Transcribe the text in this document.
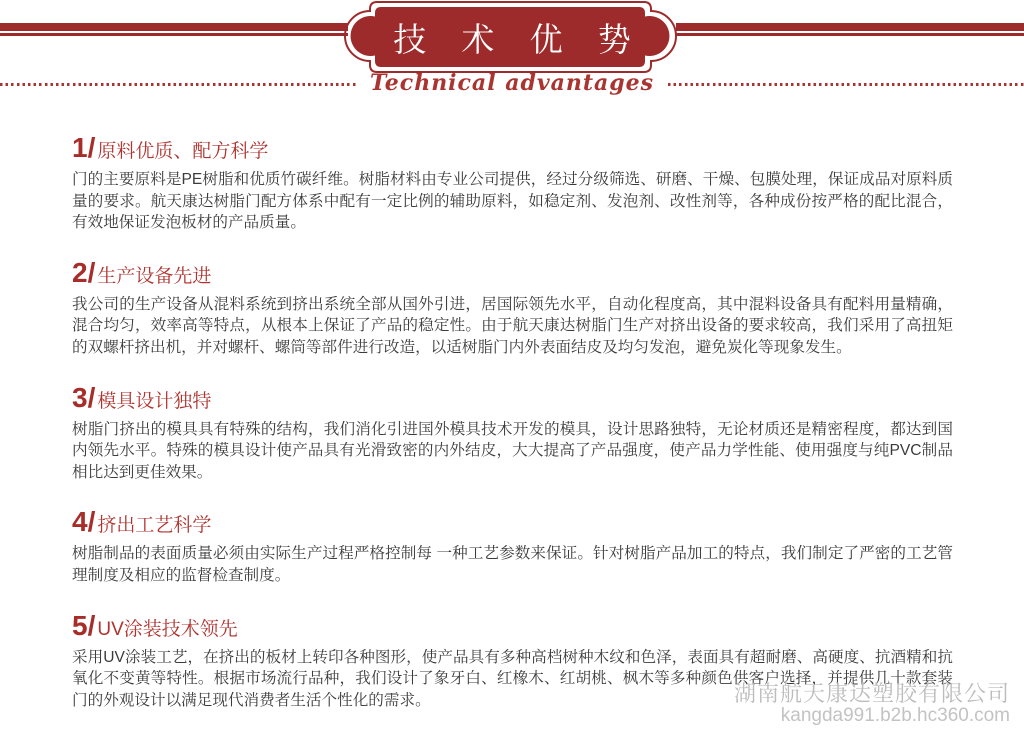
技 术 优 势
Technical advantages
1/ 原料优质、配方科学
门的主要原料是PE树脂和优质竹碳纤维。树脂材料由专业公司提供，经过分级筛选、研磨、干燥、包膜处理，保证成品对原料质量的要求。航天康达树脂门配方体系中配有一定比例的辅助原料，如稳定剂、发泡剂、改性剂等，各种成份按严格的配比混合，有效地保证发泡板材的产品质量。
2/ 生产设备先进
我公司的生产设备从混料系统到挤出系统全部从国外引进，居国际领先水平，自动化程度高，其中混料设备具有配料用量精确，混合均匀，效率高等特点，从根本上保证了产品的稳定性。由于航天康达树脂门生产对挤出设备的要求较高，我们采用了高扭矩的双螺杆挤出机，并对螺杆、螺筒等部件进行改造，以适树脂门内外表面结皮及均匀发泡，避免炭化等现象发生。
3/ 模具设计独特
树脂门挤出的模具具有特殊的结构，我们消化引进国外模具技术开发的模具，设计思路独特，无论材质还是精密程度，都达到国内领先水平。特殊的模具设计使产品具有光滑致密的内外结皮，大大提高了产品强度，使产品力学性能、使用强度与纯PVC制品相比达到更佳效果。
4/ 挤出工艺科学
树脂制品的表面质量必须由实际生产过程严格控制每 一种工艺参数来保证。针对树脂产品加工的特点，我们制定了严密的工艺管理制度及相应的监督检查制度。
5/ UV涂装技术领先
采用UV涂装工艺，在挤出的板材上转印各种图形，使产品具有多种高档树种木纹和色泽，表面具有超耐磨、高硬度、抗酒精和抗氧化不变黄等特性。根据市场流行品种，我们设计了象牙白、红橡木、红胡桃、枫木等多种颜色供客户选择，并提供几十款套装门的外观设计以满足现代消费者生活个性化的需求。	湖南航天康达塑胶有限公司
kangda991.b2b.hc360.com
